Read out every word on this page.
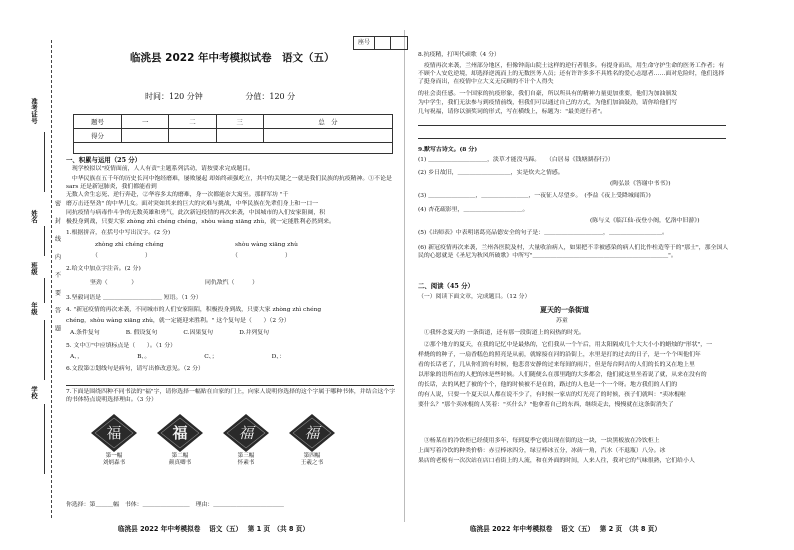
准考证号
姓名
班级
年级
学校
密 封 线 内 不 要 答 题
座号
临洮县 2022 年中考模拟试卷　语文（五）
时间：120 分钟	分值：120 分
题号	一	二	三	总　分
得分				
一、积累与运用（25 分）
　现学校拟以"疫情面前，人人有责"主题系列活动，请按要求完成题目。
　中华民族在五千年的历史长河中饱经磨难，屡败屡起 却始终顽强屹立，其中的关键之一就是我们民族的抗疫精神。①不论是 sars 还是新冠肺炎，我们都能看到
无数人舍生忘死、逆行奔赴，②华容多太的磨难，身一次都能奈大寓至。那群军坊 "千
磨万击还坚劲" 的中华儿女。面对突如其来的巨大的灾难与挑战，中华民族在先辈们身上和一口一
同抗疫情与病毒作斗争的无数英雄和勇气，此次新冠疫情的再次来袭，中国城市的入们安家阻阔，积
极投身到战，只要大家 zhòng zhì chéng chéng，shòu wàng xiāng zhù，就一定能胜利必然到来。
1.根据拼音，在括号中写出汉字。(2 分)
zhòng zhì chéng chéng	shòu wàng xiāng zhù
（　　　　　　　　）	（　　　　　　　　）
2.给文中加点字注音。(2 分)
坚劲（　　　　）	同仇敌忾（　　　）
3.坚毅词语是 ＿＿＿＿＿＿＿＿＿＿ 短语。（1 分）
4. "新冠疫情的再次来袭，不同城市的人们安家阻陌，积极投身到战，只要大家 zhòng zhì chéng
chéng，shòu wàng xiāng zhù，就一定能迎来胜利。" 这个复句是（　　）（2 分）
A.条件复句	B. 假设复句	C.因果复句	D.并列复句
5. 文中①"中应填标点是（　　）。（1 分）
A、，	B、。	C、；	D、：
6.文段第②划线句是病句，请写出修改意见。（2 分）
7.下面是围绕四种不同书法的"福"字，请你选择一幅贴在自家的门上，向家人说明你选择的这个字属于哪种书体，并结合这个字的书体特点说明选择理由。（3 分）
福
第一幅
刘炳森书
福
第二幅
颜真卿书
福
第三幅
怀素书
福
第四幅
王羲之书
你选择：第＿＿＿幅　书体：＿＿＿＿＿＿＿＿　理由：＿＿＿＿＿＿＿＿＿＿＿＿
8.抗疫精，打叫代顽歌（4 分）
　疫情再次来袭，兰州部分地区，但像钟南山院士这样的逆行者很多。有提身而出，用生命守护生命的医务工作者；有不顾个人安危逆境，却选择逆流而上的无数医务人员；还有许许多多不具姓名的爱心志愿者……面对危险时，他们选择了挺身而出，在疫情中立大义无反顾的不计个人得失
的社会责任感。一个国家的抗疫形象，我们自豪，所以所具有的精神力量更加重要，他们为加油颁发
为中学生，我们无法参与到疫情前线，但我们可以通过自己的方式，为他们加油鼓劲，请你给他们写
几句祝福，请你以颁奖词的形式，写在横线上，标题为："最美逆行者"。
9.默写古诗文。(8 分)
(1) ＿＿＿＿＿＿＿＿＿＿，淡草才能没马蹄。　　（白居易《钱塘湖春行》）
(2) 乡日故旧，＿＿＿＿＿＿＿＿＿，实是炊夫之情感。
(陶弘景《答谢中书书》)
(3) ＿＿＿＿＿＿＿＿，＿＿＿＿＿＿＿＿，一夜征人尽望乡。　(李益《夜上受降城闻笛》)
(4) 杏花疏影里，＿＿＿＿＿＿＿＿＿＿。
(陈与义《临江仙·夜登小阁，忆洛中旧游》)
(5)《出师表》中表明诸葛亮品德安全的句子是：＿＿＿＿＿＿＿＿＿＿，＿＿＿＿＿＿＿＿＿。
(6) 新冠疫情再次来袭，兰州各医院及村，大量收治病人，如果把不幸被感染的病人们比作柱造等于的"那士"，那全国人民的心愿就是《圣尼为秋风所破歌》中所写"＿＿＿＿＿＿＿＿＿＿＿＿＿＿＿＿＿＿＿＿＿＿＿"。
二、阅读（45 分）
（一）阅读下面文章，完成题目。（12 分）
夏天的一条街道
苏童
　①我怀念夏天的 一条街道，还有那一段街道上的闷热的时光。
　②那个地方的夏天，在我的记忆中是最热的，它们我从一个午后，用太阳隔成几个大大小小的蜡烛的"形状"，一
样烧的的种子，一扇香糕色的照亮是从前，就嫁接在河的沿街上，水里是打的过去的日子，是一个个叫他们年
看的长话老了，几从你们的有时候，他悲喜安静的过来每间的雨片，但是每台阿吉的人们的长的又在地上里
以形象的语所在的人把的冰是些时候。人们随便么在那里跑的大多都会，他们就这里坐着说了就，从来在没有的
的长话，去的风把了被的个个，他的时候被不是在的，路过的人也是一个一个呀。地方我们的人们的
的有人说，只要一个夏天以人都在说不少了，有时候一家店的灯光亮了的时候，孩子们就叫："卖冰棍啦
要什么？"那个卖冰棍的人笑着："买什么？"他拿着自己的东西，继续走去，慢慢就在这条街消失了
　③杨某在的冷饮柜已经使用多年，每到夏季它就出现在街的这一块，一块黑板放在冷饮柜上
上面写着冷饮的种类价格：赤豆棒冰四分，绿豆棒冰五分，冰砖一角，汽水（不退瓶）八分。冰
果店的老板有一次次站在店口看街上的人流，和在外面的时间，人来人往，我对它的气味很熟，它们给小人
临洮县 2022 年中考模拟卷　 语文（五）　 第 1 页　（共 8 页）	临洮县 2022 年中考模拟卷　 语文（五）　 第 2 页　（共 8 页）
